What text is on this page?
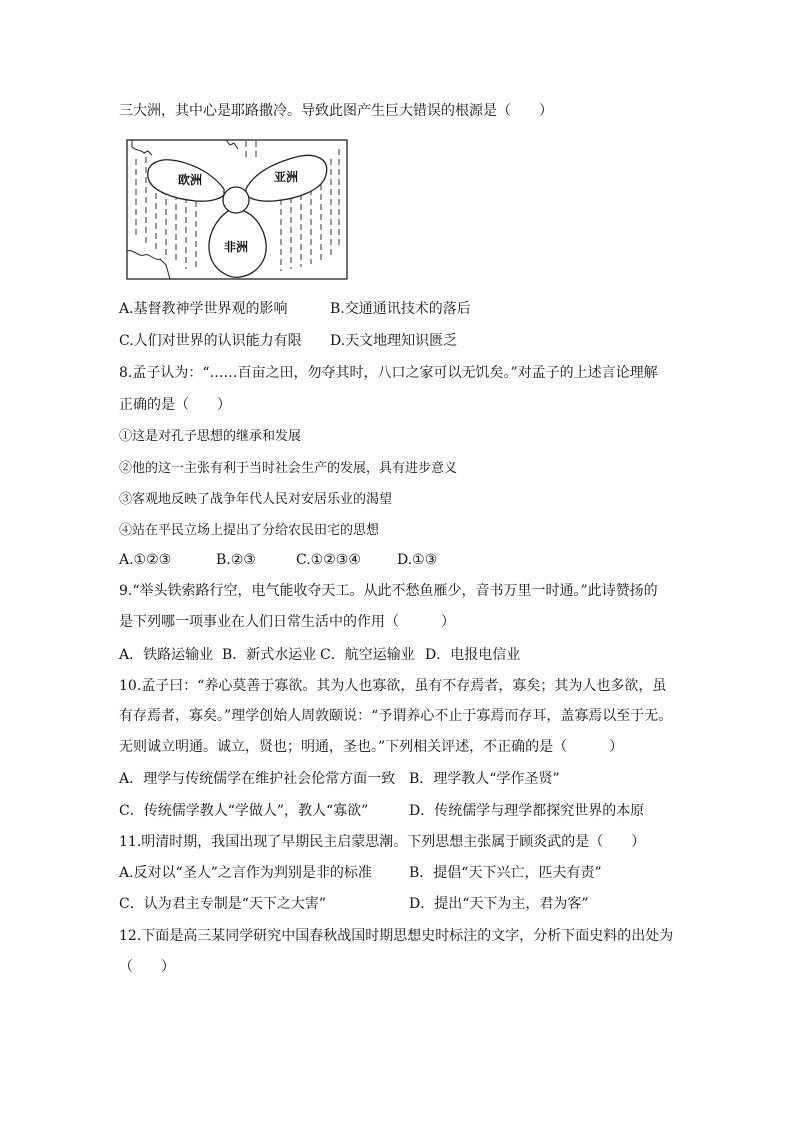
三大洲，其中心是耶路撒冷。导致此图产生巨大错误的根源是（　　）
欧洲	亚洲
非洲
A.基督教神学世界观的影响	B.交通通讯技术的落后
C.人们对世界的认识能力有限 D.天文地理知识匮乏
8.孟子认为：“……百亩之田，勿夺其时，八口之家可以无饥矣。”对孟子的上述言论理解
正确的是（　　）
①这是对孔子思想的继承和发展
②他的这一主张有利于当时社会生产的发展，具有进步意义
③客观地反映了战争年代人民对安居乐业的渴望
④站在平民立场上提出了分给农民田宅的思想
A.①②③	B.②③	C.①②③④	D.①③
9.“举头铁索路行空，电气能收夺天工。从此不愁鱼雁少，音书万里一时通。”此诗赞扬的
是下列哪一项事业在人们日常生活中的作用（　　　）
A．铁路运输业 B．新式水运业 C．航空运输业 D．电报电信业
10.孟子曰：“养心莫善于寡欲。其为人也寡欲，虽有不存焉者，寡矣；其为人也多欲，虽
有存焉者，寡矣。”理学创始人周敦颐说：“予谓养心不止于寡焉而存耳，盖寡焉以至于无。
无则诚立明通。诚立，贤也；明通，圣也。”下列相关评述，不正确的是（　　　）
A．理学与传统儒学在维护社会伦常方面一致 B．理学教人“学作圣贤”
C．传统儒学教人“学做人”，教人“寡欲”	D．传统儒学与理学都探究世界的本原
11.明清时期，我国出现了早期民主启蒙思潮。下列思想主张属于顾炎武的是（　　）
A.反对以“圣人”之言作为判别是非的标准	B．提倡“天下兴亡，匹夫有责”
C．认为君主专制是“天下之大害”	D．提出“天下为主，君为客”
12.下面是高三某同学研究中国春秋战国时期思想史时标注的文字，分析下面史料的出处为
（　　）
